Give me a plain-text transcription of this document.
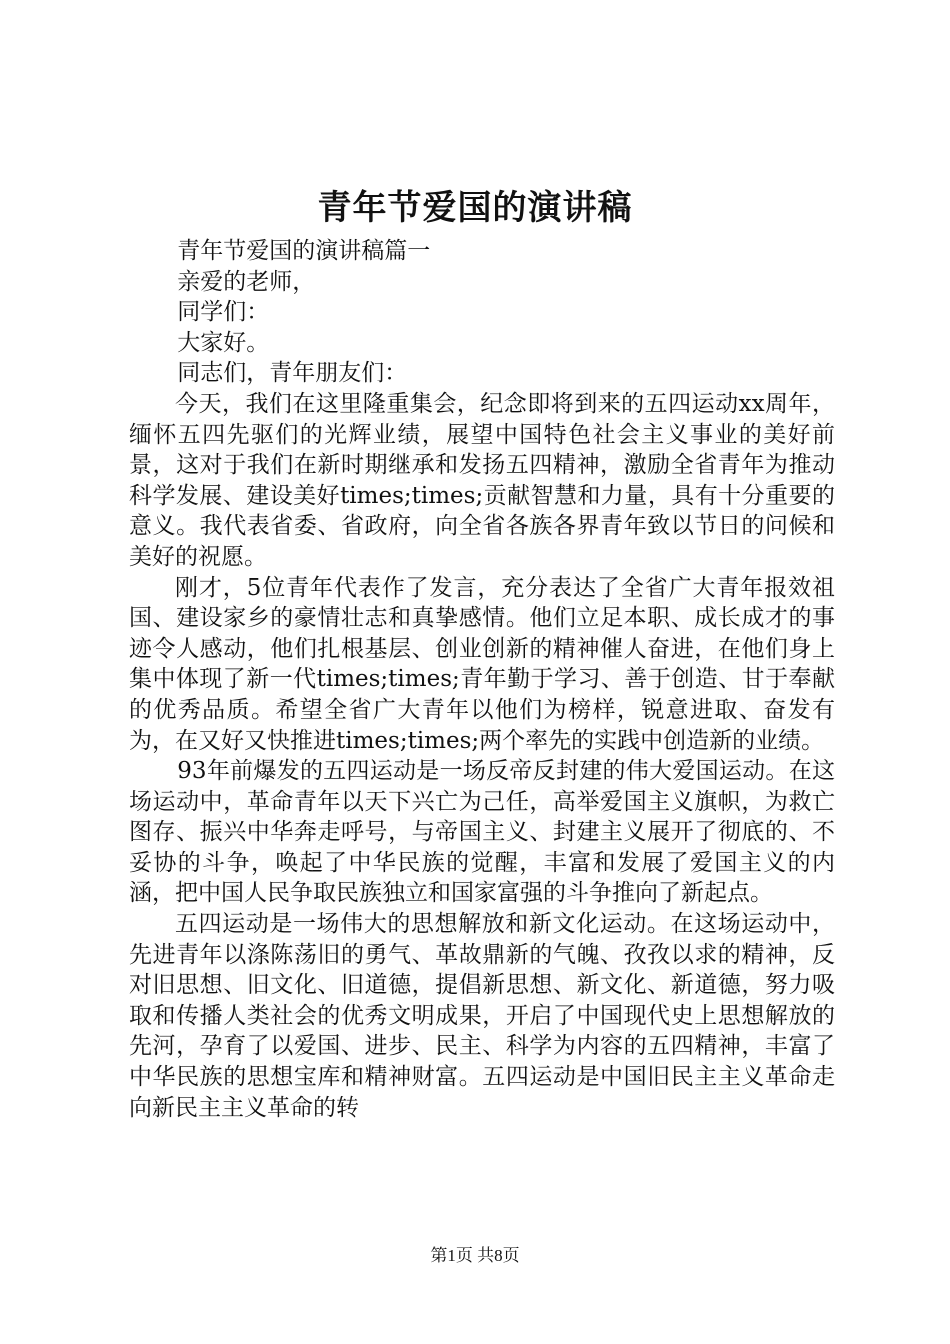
青年节爱国的演讲稿

青年节爱国的演讲稿篇一

亲爱的老师，

同学们：

大家好。

同志们，青年朋友们：

今天，我们在这里隆重集会，纪念即将到来的五四运动xx周年，缅怀五四先驱们的光辉业绩，展望中国特色社会主义事业的美好前景，这对于我们在新时期继承和发扬五四精神，激励全省青年为推动科学发展、建设美好times;times;贡献智慧和力量，具有十分重要的意义。我代表省委、省政府，向全省各族各界青年致以节日的问候和美好的祝愿。

刚才，5位青年代表作了发言，充分表达了全省广大青年报效祖国、建设家乡的豪情壮志和真挚感情。他们立足本职、成长成才的事迹令人感动，他们扎根基层、创业创新的精神催人奋进，在他们身上集中体现了新一代times;times;青年勤于学习、善于创造、甘于奉献的优秀品质。希望全省广大青年以他们为榜样，锐意进取、奋发有为，在又好又快推进times;times;两个率先的实践中创造新的业绩。

93年前爆发的五四运动是一场反帝反封建的伟大爱国运动。在这场运动中，革命青年以天下兴亡为己任，高举爱国主义旗帜，为救亡图存、振兴中华奔走呼号，与帝国主义、封建主义展开了彻底的、不妥协的斗争，唤起了中华民族的觉醒，丰富和发展了爱国主义的内涵，把中国人民争取民族独立和国家富强的斗争推向了新起点。

五四运动是一场伟大的思想解放和新文化运动。在这场运动中，先进青年以涤陈荡旧的勇气、革故鼎新的气魄、孜孜以求的精神，反对旧思想、旧文化、旧道德，提倡新思想、新文化、新道德，努力吸取和传播人类社会的优秀文明成果，开启了中国现代史上思想解放的先河，孕育了以爱国、进步、民主、科学为内容的五四精神，丰富了中华民族的思想宝库和精神财富。五四运动是中国旧民主主义革命走向新民主主义革命的转

第1页 共8页
